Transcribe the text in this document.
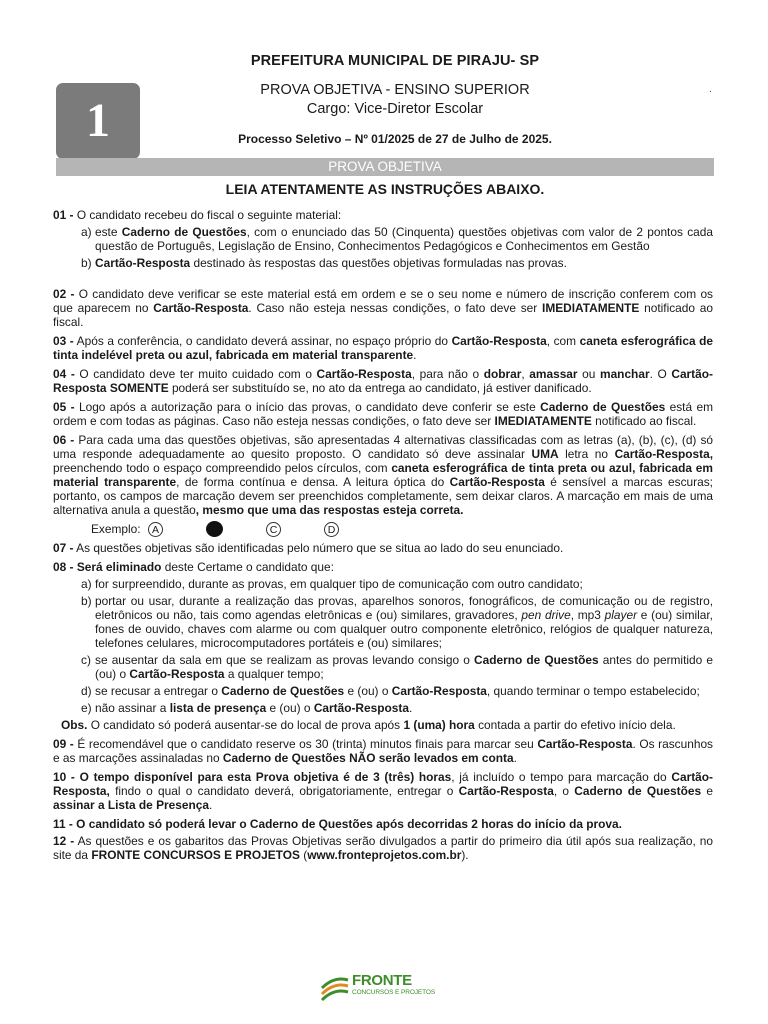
1
PREFEITURA MUNICIPAL DE PIRAJU- SP
PROVA OBJETIVA - ENSINO SUPERIOR
Cargo: Vice-Diretor Escolar
Processo Seletivo – Nº 01/2025 de 27 de Julho de 2025.
.
PROVA OBJETIVA
LEIA ATENTAMENTE AS INSTRUÇÕES ABAIXO.
01 - O candidato recebeu do fiscal o seguinte material:
a) este Caderno de Questões, com o enunciado das 50 (Cinquenta) questões objetivas com valor de 2 pontos cada questão de Português, Legislação de Ensino, Conhecimentos Pedagógicos e Conhecimentos em Gestão
b) Cartão-Resposta destinado às respostas das questões objetivas formuladas nas provas.
02 - O candidato deve verificar se este material está em ordem e se o seu nome e número de inscrição conferem com os que aparecem no Cartão-Resposta. Caso não esteja nessas condições, o fato deve ser IMEDIATAMENTE notificado ao fiscal.
03 - Após a conferência, o candidato deverá assinar, no espaço próprio do Cartão-Resposta, com caneta esferográfica de tinta indelével preta ou azul, fabricada em material transparente.
04 - O candidato deve ter muito cuidado com o Cartão-Resposta, para não o dobrar, amassar ou manchar. O Cartão-Resposta SOMENTE poderá ser substituído se, no ato da entrega ao candidato, já estiver danificado.
05 - Logo após a autorização para o início das provas, o candidato deve conferir se este Caderno de Questões está em ordem e com todas as páginas. Caso não esteja nessas condições, o fato deve ser IMEDIATAMENTE notificado ao fiscal.
06 - Para cada uma das questões objetivas, são apresentadas 4 alternativas classificadas com as letras (a), (b), (c), (d) só uma responde adequadamente ao quesito proposto. O candidato só deve assinalar UMA letra no Cartão-Resposta, preenchendo todo o espaço compreendido pelos círculos, com caneta esferográfica de tinta preta ou azul, fabricada em material transparente, de forma contínua e densa. A leitura óptica do Cartão-Resposta é sensível a marcas escuras; portanto, os campos de marcação devem ser preenchidos completamente, sem deixar claros. A marcação em mais de uma alternativa anula a questão, mesmo que uma das respostas esteja correta.
Exemplo:	A	C	D
07 - As questões objetivas são identificadas pelo número que se situa ao lado do seu enunciado.
08 - Será eliminado deste Certame o candidato que:
a) for surpreendido, durante as provas, em qualquer tipo de comunicação com outro candidato;
b) portar ou usar, durante a realização das provas, aparelhos sonoros, fonográficos, de comunicação ou de registro, eletrônicos ou não, tais como agendas eletrônicas e (ou) similares, gravadores, pen drive, mp3 player e (ou) similar, fones de ouvido, chaves com alarme ou com qualquer outro componente eletrônico, relógios de qualquer natureza, telefones celulares, microcomputadores portáteis e (ou) similares;
c) se ausentar da sala em que se realizam as provas levando consigo o Caderno de Questões antes do permitido e (ou) o Cartão-Resposta a qualquer tempo;
d) se recusar a entregar o Caderno de Questões e (ou) o Cartão-Resposta, quando terminar o tempo estabelecido;
e) não assinar a lista de presença e (ou) o Cartão-Resposta.
Obs. O candidato só poderá ausentar-se do local de prova após 1 (uma) hora contada a partir do efetivo início dela.
09 - É recomendável que o candidato reserve os 30 (trinta) minutos finais para marcar seu Cartão-Resposta. Os rascunhos e as marcações assinaladas no Caderno de Questões NÃO serão levados em conta.
10 - O tempo disponível para esta Prova objetiva é de 3 (três) horas, já incluído o tempo para marcação do Cartão-Resposta, findo o qual o candidato deverá, obrigatoriamente, entregar o Cartão-Resposta, o Caderno de Questões e assinar a Lista de Presença.
11 - O candidato só poderá levar o Caderno de Questões após decorridas 2 horas do início da prova.
12 - As questões e os gabaritos das Provas Objetivas serão divulgados a partir do primeiro dia útil após sua realização, no site da FRONTE CONCURSOS E PROJETOS (www.fronteprojetos.com.br).
FRONTE
CONCURSOS E PROJETOS
